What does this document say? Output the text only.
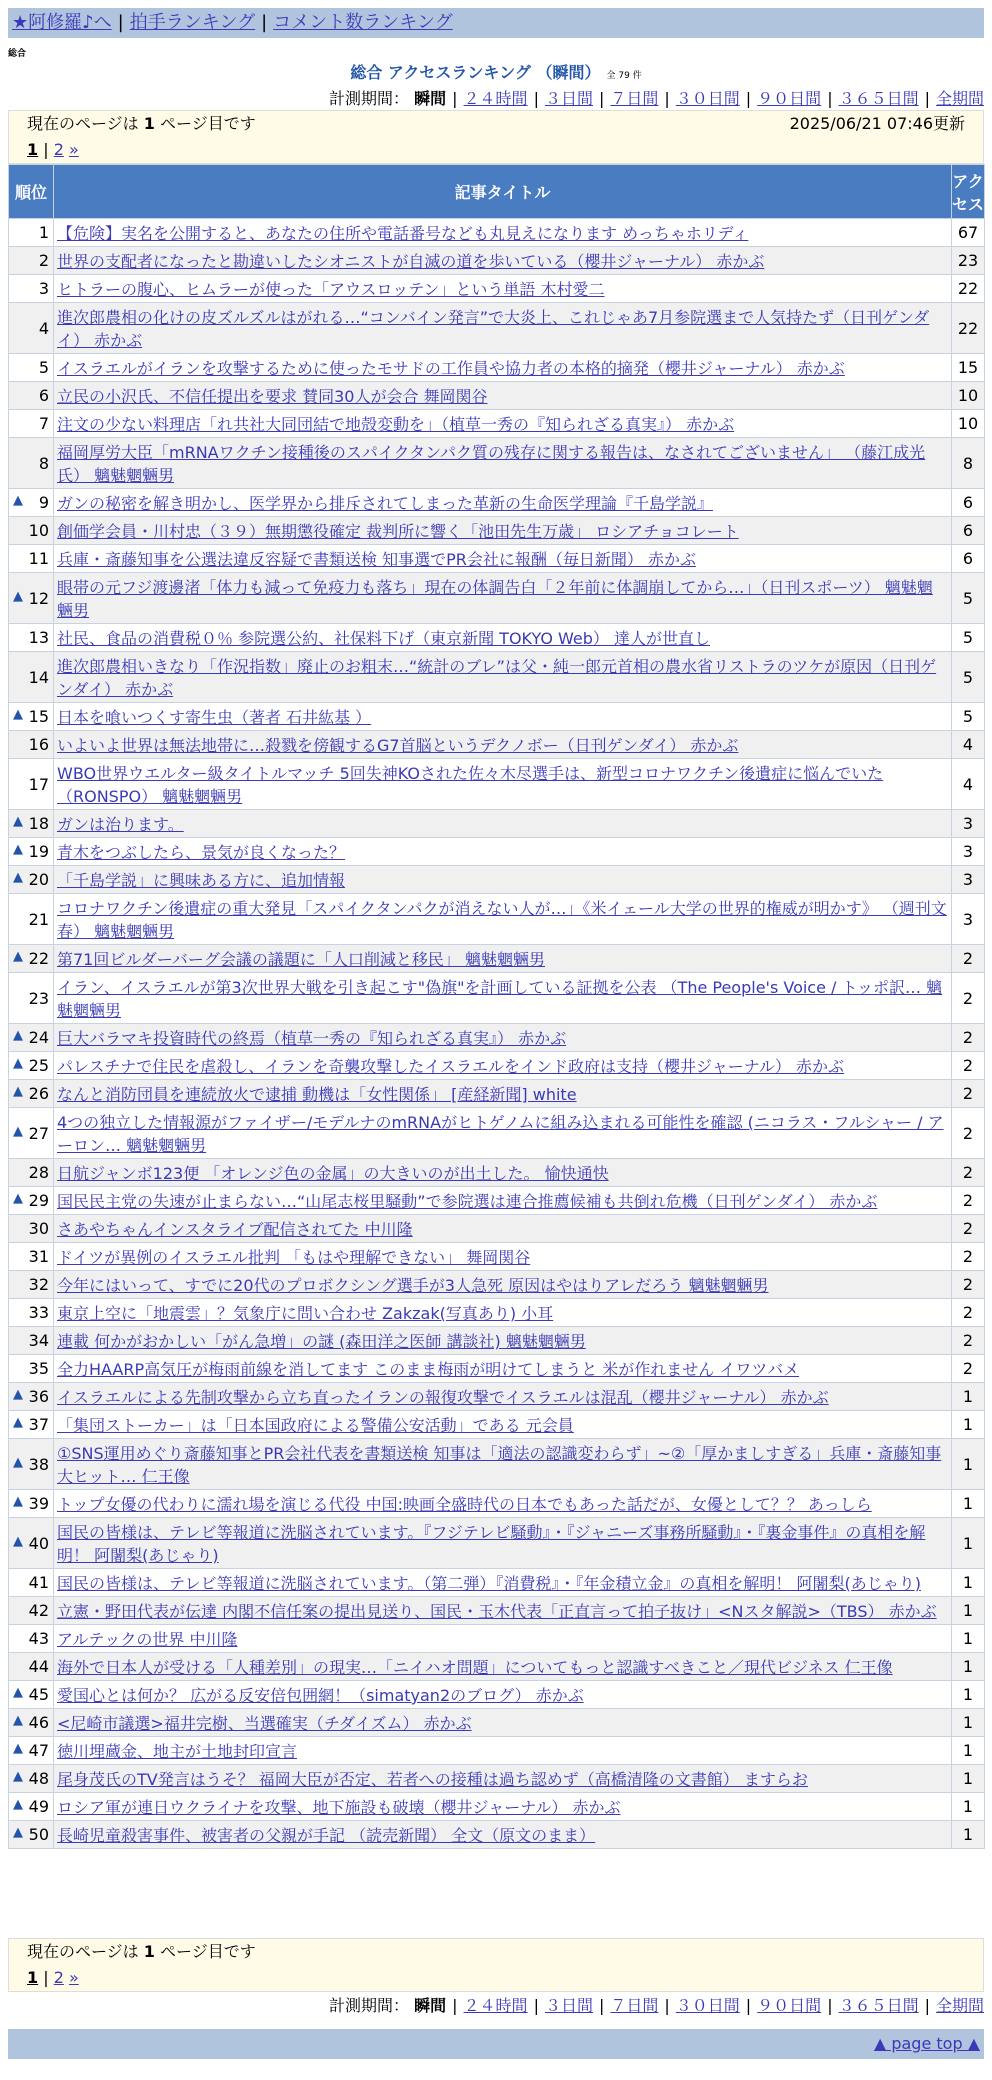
★阿修羅♪へ | 拍手ランキング | コメント数ランキング
総合
総合 アクセスランキング （瞬間） 全 79 件
計測期間： 瞬間 | ２４時間 | ３日間 | ７日間 | ３０日間 | ９０日間 | ３６５日間 | 全期間
現在のページは 1 ページ目です	2025/06/21 07:46更新
1 | 2 »
順位	記事タイトル	アクセス
1	【危険】実名を公開すると、あなたの住所や電話番号なども丸見えになります めっちゃホリディ	67
2	世界の支配者になったと勘違いしたシオニストが自滅の道を歩いている（櫻井ジャーナル） 赤かぶ	23
3	ヒトラーの腹心、ヒムラーが使った「アウスロッテン」という単語 木村愛二	22
4	進次郎農相の化けの皮ズルズルはがれる…“コンバイン発言”で大炎上、これじゃあ7月参院選まで人気持たず（日刊ゲンダイ） 赤かぶ	22
5	イスラエルがイランを攻撃するために使ったモサドの工作員や協力者の本格的摘発（櫻井ジャーナル） 赤かぶ	15
6	立民の小沢氏、不信任提出を要求 賛同30人が会合 舞岡関谷	10
7	注文の少ない料理店「れ共社大同団結で地殻変動を」（植草一秀の『知られざる真実』） 赤かぶ	10
8	福岡厚労大臣「mRNAワクチン接種後のスパイクタンパク質の残存に関する報告は、なされてございません」 （藤江成光氏） 魑魅魍魎男	8

▲ 9	ガンの秘密を解き明かし、医学界から排斥されてしまった革新の生命医学理論『千島学説』	6
10	創価学会員・川村忠（３９）無期懲役確定 裁判所に響く「池田先生万歳」 ロシアチョコレート	6
11	兵庫・斎藤知事を公選法違反容疑で書類送検 知事選でPR会社に報酬（毎日新聞） 赤かぶ	6

▲ 12	眼帯の元フジ渡邊渚「体力も減って免疫力も落ち」現在の体調告白「２年前に体調崩してから…」（日刊スポーツ） 魑魅魍魎男	5
13	社民、食品の消費税０％ 参院選公約、社保料下げ（東京新聞 TOKYO Web） 達人が世直し	5
14	進次郎農相いきなり「作況指数」廃止のお粗末…“統計のブレ”は父・純一郎元首相の農水省リストラのツケが原因（日刊ゲンダイ） 赤かぶ	5

▲ 15	日本を喰いつくす寄生虫（著者 石井紘基 ）	5
16	いよいよ世界は無法地帯に…殺戮を傍観するG7首脳というデクノボー（日刊ゲンダイ） 赤かぶ	4
17	WBO世界ウエルター級タイトルマッチ 5回失神KOされた佐々木尽選手は、新型コロナワクチン後遺症に悩んでいた （RONSPO） 魑魅魍魎男	4

▲ 18	ガンは治ります。	3

▲ 19	青木をつぶしたら、景気が良くなった？	3

▲ 20	「千島学説」に興味ある方に、追加情報	3
21	コロナワクチン後遺症の重大発見「スパイクタンパクが消えない人が…」《米イェール大学の世界的権威が明かす》 （週刊文春） 魑魅魍魎男	3

▲ 22	第71回ビルダーバーグ会議の議題に「人口削減と移民」 魑魅魍魎男	2
23	イラン、イスラエルが第3次世界大戦を引き起こす"偽旗"を計画している証拠を公表 （The People's Voice / トッポ訳… 魑魅魍魎男	2

▲ 24	巨大バラマキ投資時代の終焉（植草一秀の『知られざる真実』） 赤かぶ	2

▲ 25	パレスチナで住民を虐殺し、イランを奇襲攻撃したイスラエルをインド政府は支持（櫻井ジャーナル） 赤かぶ	2

▲ 26	なんと消防団員を連続放火で逮捕 動機は「女性関係」 [産経新聞] white	2

▲ 27	4つの独立した情報源がファイザー/モデルナのmRNAがヒトゲノムに組み込まれる可能性を確認 (ニコラス・フルシャー / アーロン… 魑魅魍魎男	2
28	日航ジャンボ123便 「オレンジ色の金属」の大きいのが出土した。 愉快通快	2

▲ 29	国民民主党の失速が止まらない…“山尾志桜里騒動”で参院選は連合推薦候補も共倒れ危機（日刊ゲンダイ） 赤かぶ	2
30	さあやちゃんインスタライブ配信されてた 中川隆	2
31	ドイツが異例のイスラエル批判 「もはや理解できない」 舞岡関谷	2
32	今年にはいって、すでに20代のプロボクシング選手が3人急死 原因はやはりアレだろう 魑魅魍魎男	2
33	東京上空に「地震雲」？気象庁に問い合わせ Zakzak(写真あり) 小耳	2
34	連載 何かがおかしい「がん急増」の謎 (森田洋之医師 講談社) 魑魅魍魎男	2
35	全力HAARP高気圧が梅雨前線を消してます このまま梅雨が明けてしまうと 米が作れません イワツバメ	2

▲ 36	イスラエルによる先制攻撃から立ち直ったイランの報復攻撃でイスラエルは混乱（櫻井ジャーナル） 赤かぶ	1

▲ 37	「集団ストーカー」は「日本国政府による警備公安活動」である 元会員	1

▲ 38	①SNS運用めぐり斎藤知事とPR会社代表を書類送検 知事は「適法の認識変わらず」~②「厚かましすぎる」兵庫・斎藤知事 大ヒット… 仁王像	1

▲ 39	トップ女優の代わりに濡れ場を演じる代役 中国:映画全盛時代の日本でもあった話だが、女優として？？ あっしら	1

▲ 40	国民の皆様は、テレビ等報道に洗脳されています。『フジテレビ騒動』・『ジャニーズ事務所騒動』・『裏金事件』の真相を解明！ 阿闍梨(あじゃり)	1
41	国民の皆様は、テレビ等報道に洗脳されています。（第二弾）『消費税』・『年金積立金』の真相を解明！ 阿闍梨(あじゃり)	1
42	立憲・野田代表が伝達 内閣不信任案の提出見送り、国民・玉木代表「正直言って拍子抜け」<Nスタ解説>（TBS） 赤かぶ	1
43	アルテックの世界 中川隆	1
44	海外で日本人が受ける「人種差別」の現実…「ニイハオ問題」についてもっと認識すべきこと／現代ビジネス 仁王像	1

▲ 45	愛国心とは何か？ 広がる反安倍包囲網！（simatyan2のブログ） 赤かぶ	1

▲ 46	<尼崎市議選>福井完樹、当選確実（チダイズム） 赤かぶ	1

▲ 47	徳川埋蔵金、地主が土地封印宣言	1

▲ 48	尾身茂氏のTV発言はうそ？ 福岡大臣が否定、若者への接種は過ち認めず（高橋清隆の文書館） ますらお	1

▲ 49	ロシア軍が連日ウクライナを攻撃、地下施設も破壊（櫻井ジャーナル） 赤かぶ	1

▲ 50	長崎児童殺害事件、被害者の父親が手記 （読売新聞） 全文（原文のまま）	1
現在のページは 1 ページ目です
1 | 2 »
計測期間： 瞬間 | ２４時間 | ３日間 | ７日間 | ３０日間 | ９０日間 | ３６５日間 | 全期間
▲ page top ▲
